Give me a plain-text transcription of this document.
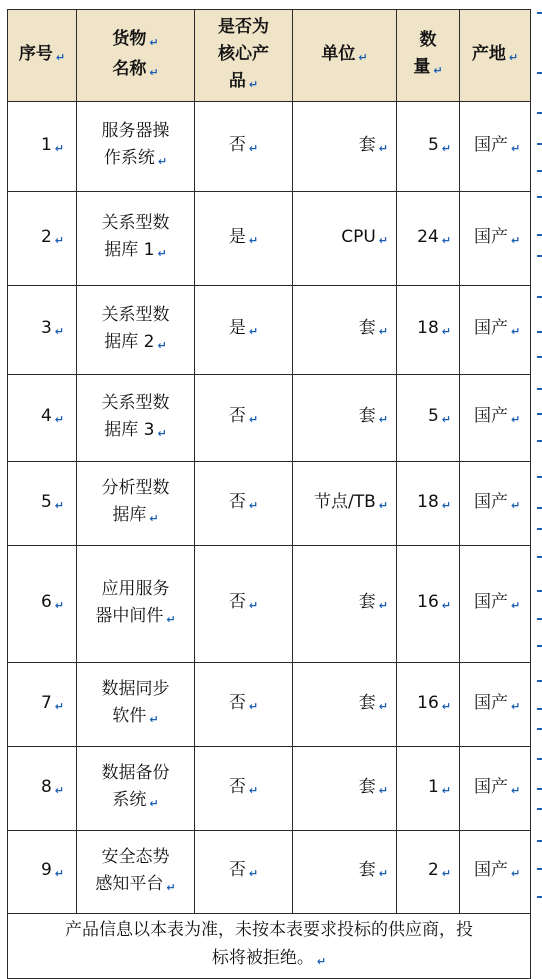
序号 ↵	货物 ↵
名称 ↵	是否为
核心产
品 ↵	单位 ↵	数
量 ↵	产地 ↵
1 ↵	服务器操
作系统 ↵	否 ↵	套 ↵	5 ↵	国产 ↵
2 ↵	关系型数
据库 1 ↵	是 ↵	CPU ↵	24 ↵	国产 ↵
3 ↵	关系型数
据库 2 ↵	是 ↵	套 ↵	18 ↵	国产 ↵
4 ↵	关系型数
据库 3 ↵	否 ↵	套 ↵	5 ↵	国产 ↵
5 ↵	分析型数
据库 ↵	否 ↵	节点/TB ↵	18 ↵	国产 ↵
6 ↵	应用服务
器中间件 ↵	否 ↵	套 ↵	16 ↵	国产 ↵
7 ↵	数据同步
软件 ↵	否 ↵	套 ↵	16 ↵	国产 ↵
8 ↵	数据备份
系统 ↵	否 ↵	套 ↵	1 ↵	国产 ↵
9 ↵	安全态势
感知平台 ↵	否 ↵	套 ↵	2 ↵	国产 ↵
产品信息以本表为准，未按本表要求投标的供应商，投
标将被拒绝。 ↵					
